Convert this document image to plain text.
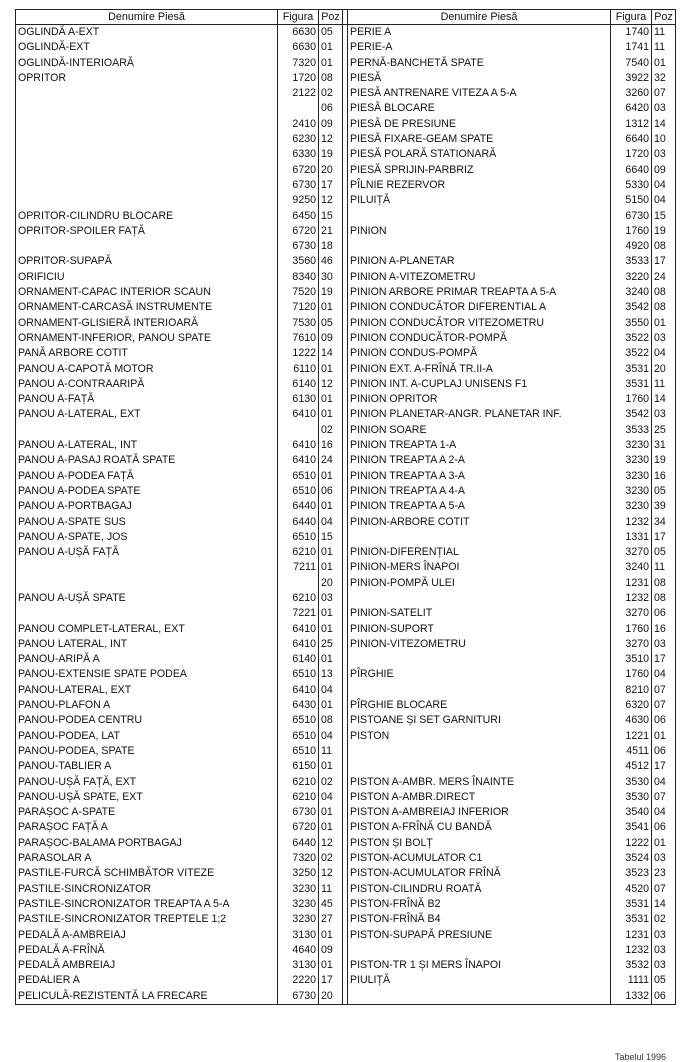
Denumire Piesă	Figura	Poz		Denumire Piesă	Figura	Poz
OGLINDĂ A-EXT	6630	05		PERIE A	1740	11
OGLINDĂ-EXT	6630	01		PERIE-A	1741	11
OGLINDĂ-INTERIOARĂ	7320	01		PERNĂ-BANCHETĂ SPATE	7540	01
OPRITOR	1720	08		PIESĂ	3922	32
	2122	02		PIESĂ ANTRENARE VITEZA A 5-A	3260	07
		06		PIESĂ BLOCARE	6420	03
	2410	09		PIESĂ DE PRESIUNE	1312	14
	6230	12		PIESĂ FIXARE-GEAM SPATE	6640	10
	6330	19		PIESĂ POLARĂ STATIONARĂ	1720	03
	6720	20		PIESĂ SPRIJIN-PARBRIZ	6640	09
	6730	17		PÎLNIE REZERVOR	5330	04
	9250	12		PILUIȚĂ	5150	04
OPRITOR-CILINDRU BLOCARE	6450	15			6730	15
OPRITOR-SPOILER FAȚĂ	6720	21		PINION	1760	19
	6730	18			4920	08
OPRITOR-SUPAPĂ	3560	46		PINION A-PLANETAR	3533	17
ORIFICIU	8340	30		PINION A-VITEZOMETRU	3220	24
ORNAMENT-CAPAC INTERIOR SCAUN	7520	19		PINION ARBORE PRIMAR TREAPTA A 5-A	3240	08
ORNAMENT-CARCASĂ INSTRUMENTE	7120	01		PINION CONDUCĂTOR DIFERENTIAL A	3542	08
ORNAMENT-GLISIERĂ INTERIOARĂ	7530	05		PINION CONDUCĂTOR VITEZOMETRU	3550	01
ORNAMENT-INFERIOR, PANOU SPATE	7610	09		PINION CONDUCĂTOR-POMPĂ	3522	03
PANĂ ARBORE COTIT	1222	14		PINION CONDUS-POMPĂ	3522	04
PANOU A-CAPOTĂ MOTOR	6110	01		PINION EXT. A-FRÎNĂ TR.II-A	3531	20
PANOU A-CONTRAARIPĂ	6140	12		PINION INT. A-CUPLAJ UNISENS F1	3531	11
PANOU A-FAȚĂ	6130	01		PINION OPRITOR	1760	14
PANOU A-LATERAL, EXT	6410	01		PINION PLANETAR-ANGR. PLANETAR INF.	3542	03
		02		PINION SOARE	3533	25
PANOU A-LATERAL, INT	6410	16		PINION TREAPTA 1-A	3230	31
PANOU A-PASAJ ROATĂ SPATE	6410	24		PINION TREAPTA A 2-A	3230	19
PANOU A-PODEA FAȚĂ	6510	01		PINION TREAPTA A 3-A	3230	16
PANOU A-PODEA SPATE	6510	06		PINION TREAPTA A 4-A	3230	05
PANOU A-PORTBAGAJ	6440	01		PINION TREAPTA A 5-A	3230	39
PANOU A-SPATE SUS	6440	04		PINION-ARBORE COTIT	1232	34
PANOU A-SPATE, JOS	6510	15			1331	17
PANOU A-UȘĂ FAȚĂ	6210	01		PINION-DIFERENȚIAL	3270	05
	7211	01		PINION-MERS ÎNAPOI	3240	11
		20		PINION-POMPĂ ULEI	1231	08
PANOU A-UȘĂ SPATE	6210	03			1232	08
	7221	01		PINION-SATELIT	3270	06
PANOU COMPLET-LATERAL, EXT	6410	01		PINION-SUPORT	1760	16
PANOU LATERAL, INT	6410	25		PINION-VITEZOMETRU	3270	03
PANOU-ARIPĂ A	6140	01			3510	17
PANOU-EXTENSIE SPATE PODEA	6510	13		PÎRGHIE	1760	04
PANOU-LATERAL, EXT	6410	04			8210	07
PANOU-PLAFON A	6430	01		PÎRGHIE BLOCARE	6320	07
PANOU-PODEA CENTRU	6510	08		PISTOANE ȘI SET GARNITURI	4630	06
PANOU-PODEA, LAT	6510	04		PISTON	1221	01
PANOU-PODEA, SPATE	6510	11			4511	06
PANOU-TABLIER A	6150	01			4512	17
PANOU-UȘĂ FAȚĂ, EXT	6210	02		PISTON A-AMBR. MERS ÎNAINTE	3530	04
PANOU-UȘĂ SPATE, EXT	6210	04		PISTON A-AMBR.DIRECT	3530	07
PARAȘOC A-SPATE	6730	01		PISTON A-AMBREIAJ INFERIOR	3540	04
PARAȘOC FAȚĂ A	6720	01		PISTON A-FRÎNĂ CU BANDĂ	3541	06
PARAȘOC-BALAMA PORTBAGAJ	6440	12		PISTON ȘI BOLȚ	1222	01
PARASOLAR A	7320	02		PISTON-ACUMULATOR C1	3524	03
PASTILE-FURCĂ SCHIMBĂTOR VITEZE	3250	12		PISTON-ACUMULATOR FRÎNĂ	3523	23
PASTILE-SINCRONIZATOR	3230	11		PISTON-CILINDRU ROATĂ	4520	07
PASTILE-SINCRONIZATOR TREAPTA A 5-A	3230	45		PISTON-FRÎNĂ B2	3531	14
PASTILE-SINCRONIZATOR TREPTELE 1;2	3230	27		PISTON-FRÎNĂ B4	3531	02
PEDALĂ A-AMBREIAJ	3130	01		PISTON-SUPAPĂ PRESIUNE	1231	03
PEDALĂ A-FRÎNĂ	4640	09			1232	03
PEDALĂ AMBREIAJ	3130	01		PISTON-TR 1 ȘI MERS ÎNAPOI	3532	03
PEDALIER A	2220	17		PIULIȚĂ	1111	05
PELICULĂ-REZISTENTĂ LA FRECARE	6730	20			1332	06
Tabelul 1996
